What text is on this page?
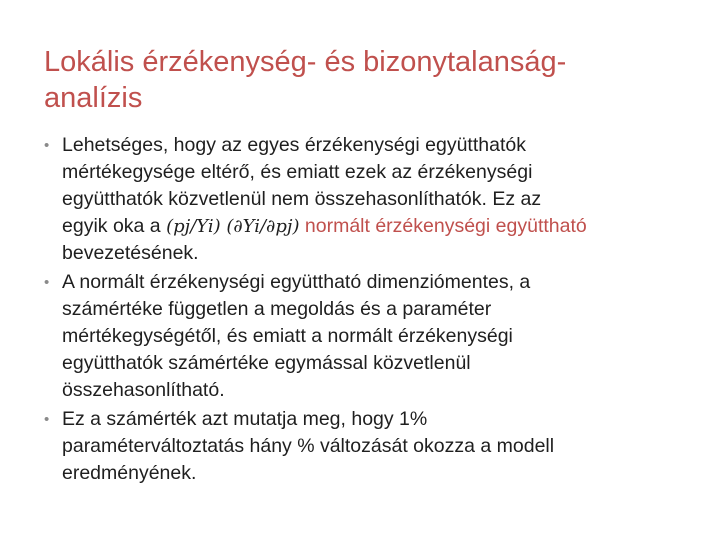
Lokális érzékenység- és bizonytalanság-
analízis
• Lehetséges, hogy az egyes érzékenységi együtthatók
mértékegysége eltérő, és emiatt ezek az érzékenységi
együtthatók közvetlenül nem összehasonlíthatók. Ez az
egyik oka a (pj/Yi) (∂Yi/∂pj) normált érzékenységi együttható
bevezetésének.
• A normált érzékenységi együttható dimenziómentes, a
számértéke független a megoldás és a paraméter
mértékegységétől, és emiatt a normált érzékenységi
együtthatók számértéke egymással közvetlenül
összehasonlítható.
• Ez a számérték azt mutatja meg, hogy 1%
paraméterváltoztatás hány % változását okozza a modell
eredményének.
